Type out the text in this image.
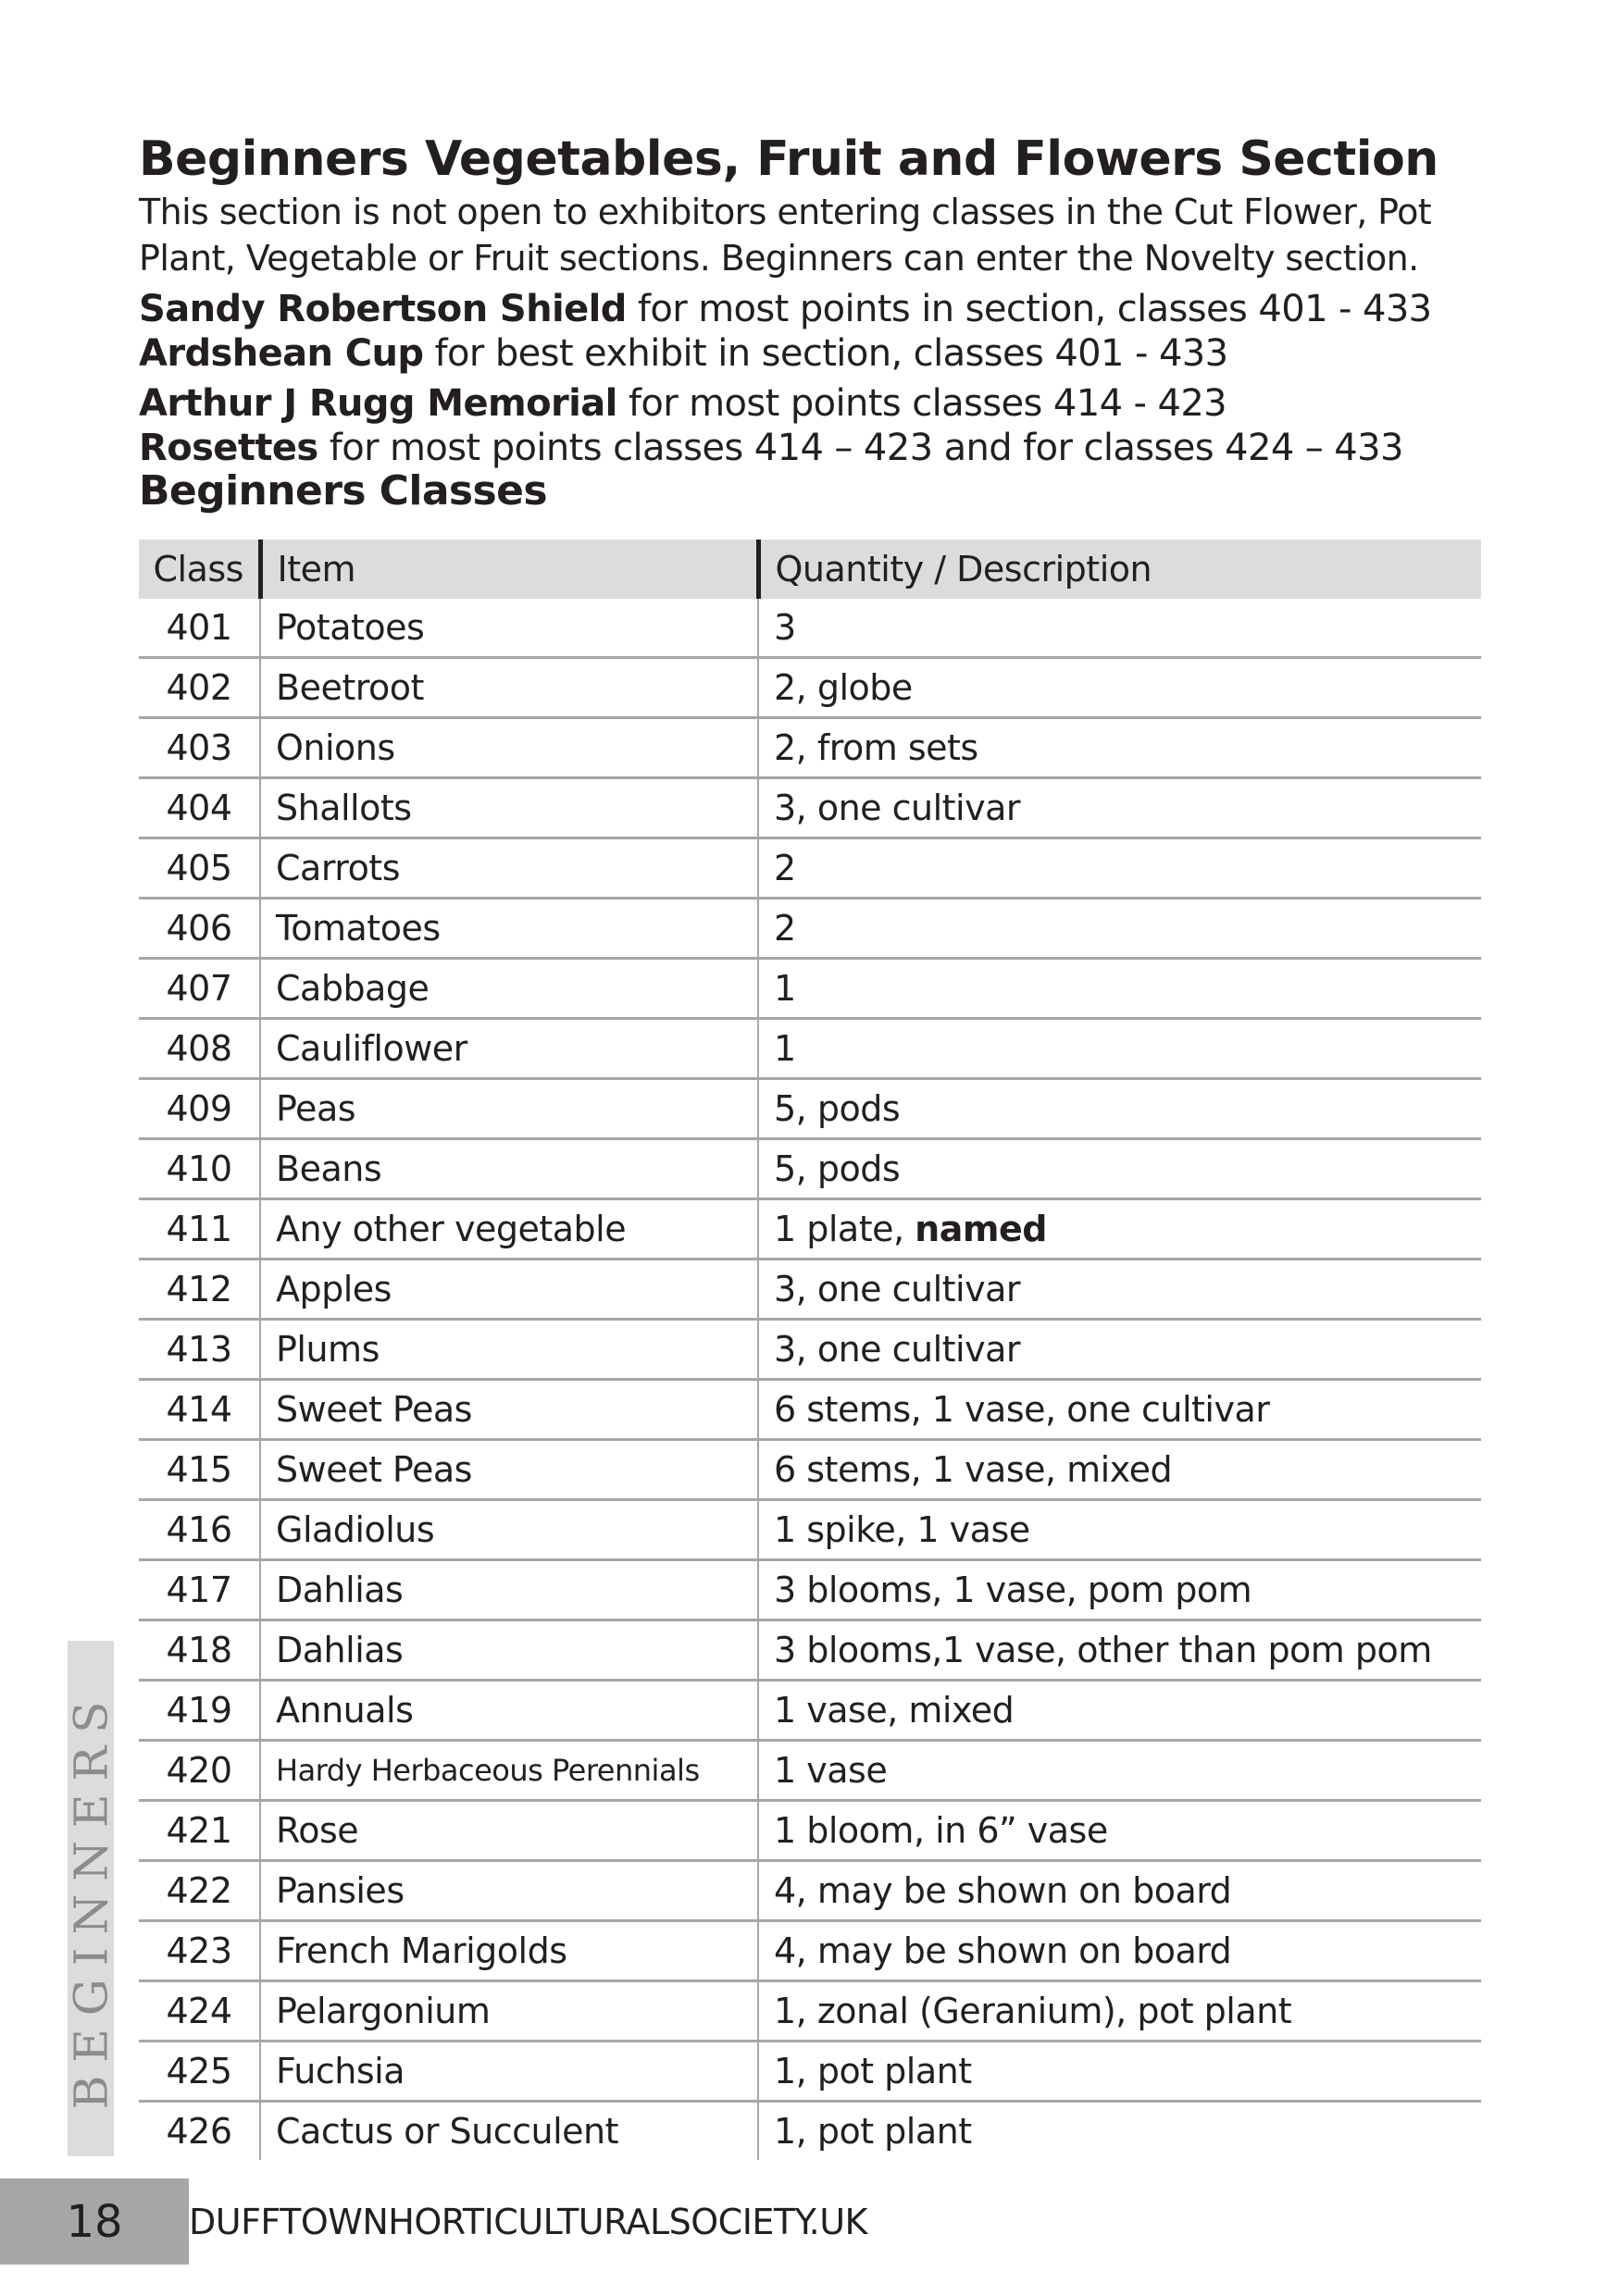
Beginners Vegetables, Fruit and Flowers Section

This section is not open to exhibitors entering classes in the Cut Flower, Pot Plant, Vegetable or Fruit sections. Beginners can enter the Novelty section.

Sandy Robertson Shield for most points in section, classes 401 - 433

Ardshean Cup for best exhibit in section, classes 401 - 433

Arthur J Rugg Memorial for most points classes 414 - 423

Rosettes for most points classes 414 – 423 and for classes 424 – 433

Beginners Classes
Class	Item	Quantity / Description
401	Potatoes	3
402	Beetroot	2, globe
403	Onions	2, from sets
404	Shallots	3, one cultivar
405	Carrots	2
406	Tomatoes	2
407	Cabbage	1
408	Cauliflower	1
409	Peas	5, pods
410	Beans	5, pods
411	Any other vegetable	1 plate, named
412	Apples	3, one cultivar
413	Plums	3, one cultivar
414	Sweet Peas	6 stems, 1 vase, one cultivar
415	Sweet Peas	6 stems, 1 vase, mixed
416	Gladiolus	1 spike, 1 vase
417	Dahlias	3 blooms, 1 vase, pom pom
418	Dahlias	3 blooms,1 vase, other than pom pom
419	Annuals	1 vase, mixed
420	Hardy Herbaceous Perennials	1 vase
421	Rose	1 bloom, in 6” vase
422	Pansies	4, may be shown on board
423	French Marigolds	4, may be shown on board
424	Pelargonium	1, zonal (Geranium), pot plant
425	Fuchsia	1, pot plant
426	Cactus or Succulent	1, pot plant
BEGINNERS
18	DUFFTOWNHORTICULTURALSOCIETY.UK
